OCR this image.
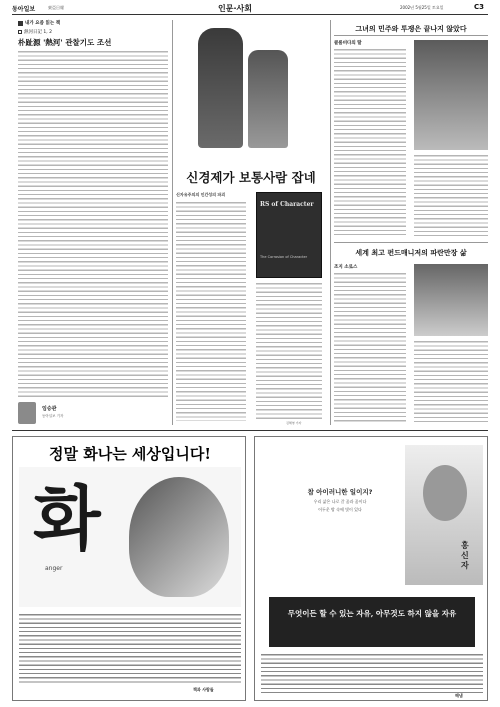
동아일보	東亞日報	인문·사회	2002년 5월25일 토요일	C3
내가 요즘 읽는 책
熱河日記 1, 2
朴趾源 '熱河' 관찰기도 조선
임승관
동아일보 기자
신경제가 보통사람 잡네
신자유주의의 인간성의 파괴
RS of Character
The Corrosion of Character
김해영 기자
그녀의 민주와 투쟁은 끝나지 않았다
클롬비다의 딸
세계 최고 펀드매니저의 파란만장 삶
조지 소로스
정말 화나는 세상입니다!
화
anger
책과 사람들
참 아이러니한 일이지?
우리 삶은 나로 갈 꿈과 꿈이다
어두운 밤 속에 빛이 있다
홍신자
무엇이든 할 수 있는 자유, 아무것도 하지 않을 자유
해냄
